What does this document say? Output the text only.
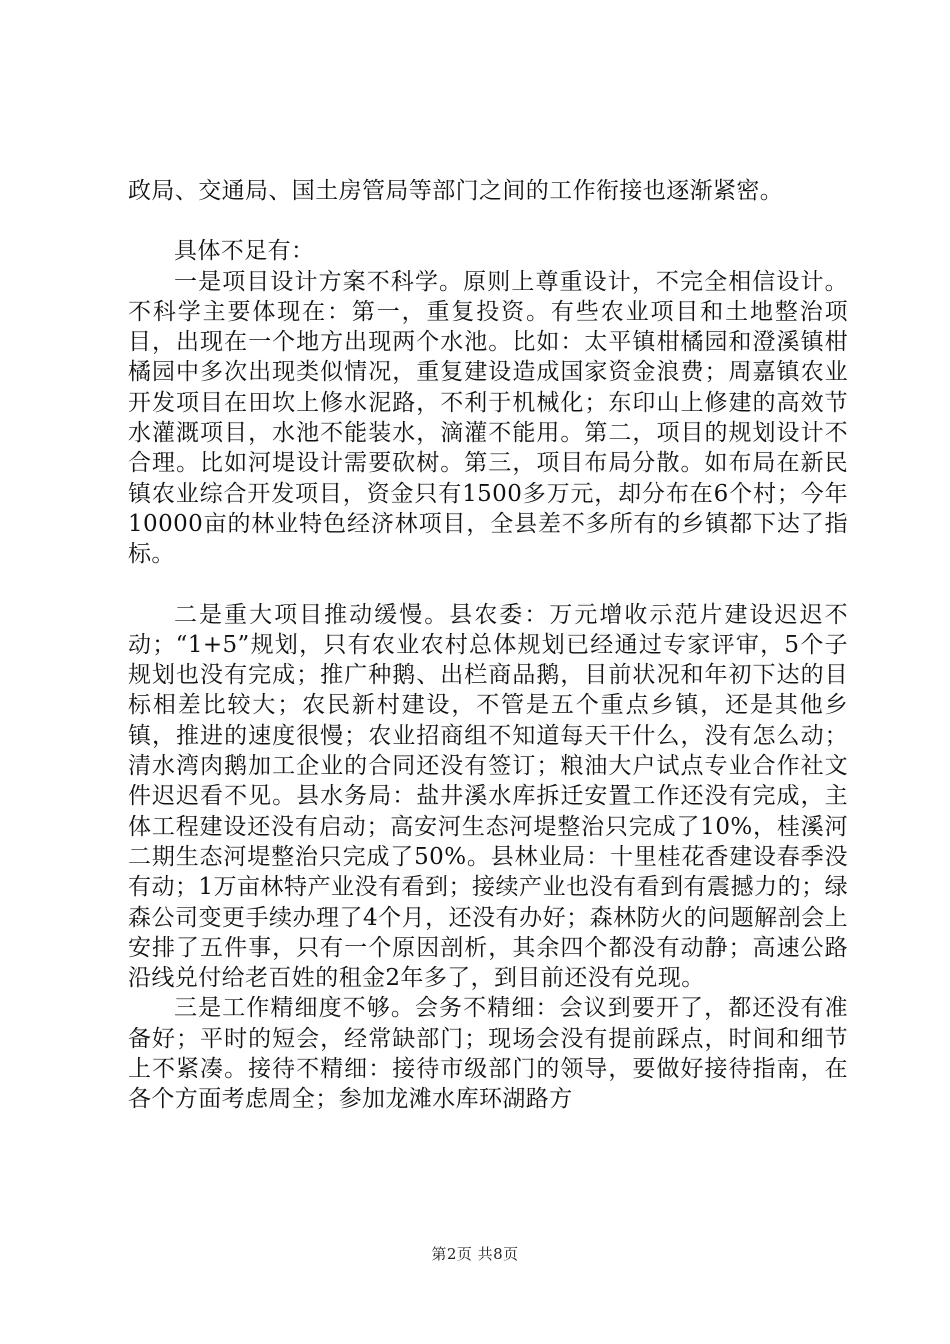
政局、交通局、国土房管局等部门之间的工作衔接也逐渐紧密。

具体不足有：

一是项目设计方案不科学。原则上尊重设计，不完全相信设计。不科学主要体现在：第一，重复投资。有些农业项目和土地整治项目，出现在一个地方出现两个水池。比如：太平镇柑橘园和澄溪镇柑橘园中多次出现类似情况，重复建设造成国家资金浪费；周嘉镇农业开发项目在田坎上修水泥路，不利于机械化；东印山上修建的高效节水灌溉项目，水池不能装水，滴灌不能用。第二，项目的规划设计不合理。比如河堤设计需要砍树。第三，项目布局分散。如布局在新民镇农业综合开发项目，资金只有1500多万元，却分布在6个村；今年10000亩的林业特色经济林项目，全县差不多所有的乡镇都下达了指标。

二是重大项目推动缓慢。县农委：万元增收示范片建设迟迟不动；“1+5”规划，只有农业农村总体规划已经通过专家评审，5个子规划也没有完成；推广种鹅、出栏商品鹅，目前状况和年初下达的目标相差比较大；农民新村建设，不管是五个重点乡镇，还是其他乡镇，推进的速度很慢；农业招商组不知道每天干什么，没有怎么动；清水湾肉鹅加工企业的合同还没有签订；粮油大户试点专业合作社文件迟迟看不见。县水务局：盐井溪水库拆迁安置工作还没有完成，主体工程建设还没有启动；高安河生态河堤整治只完成了10%，桂溪河二期生态河堤整治只完成了50%。县林业局：十里桂花香建设春季没有动；1万亩林特产业没有看到；接续产业也没有看到有震撼力的；绿森公司变更手续办理了4个月，还没有办好；森林防火的问题解剖会上安排了五件事，只有一个原因剖析，其余四个都没有动静；高速公路沿线兑付给老百姓的租金2年多了，到目前还没有兑现。

三是工作精细度不够。会务不精细：会议到要开了，都还没有准备好；平时的短会，经常缺部门；现场会没有提前踩点，时间和细节上不紧凑。接待不精细：接待市级部门的领导，要做好接待指南，在各个方面考虑周全；参加龙滩水库环湖路方

第2页 共8页
